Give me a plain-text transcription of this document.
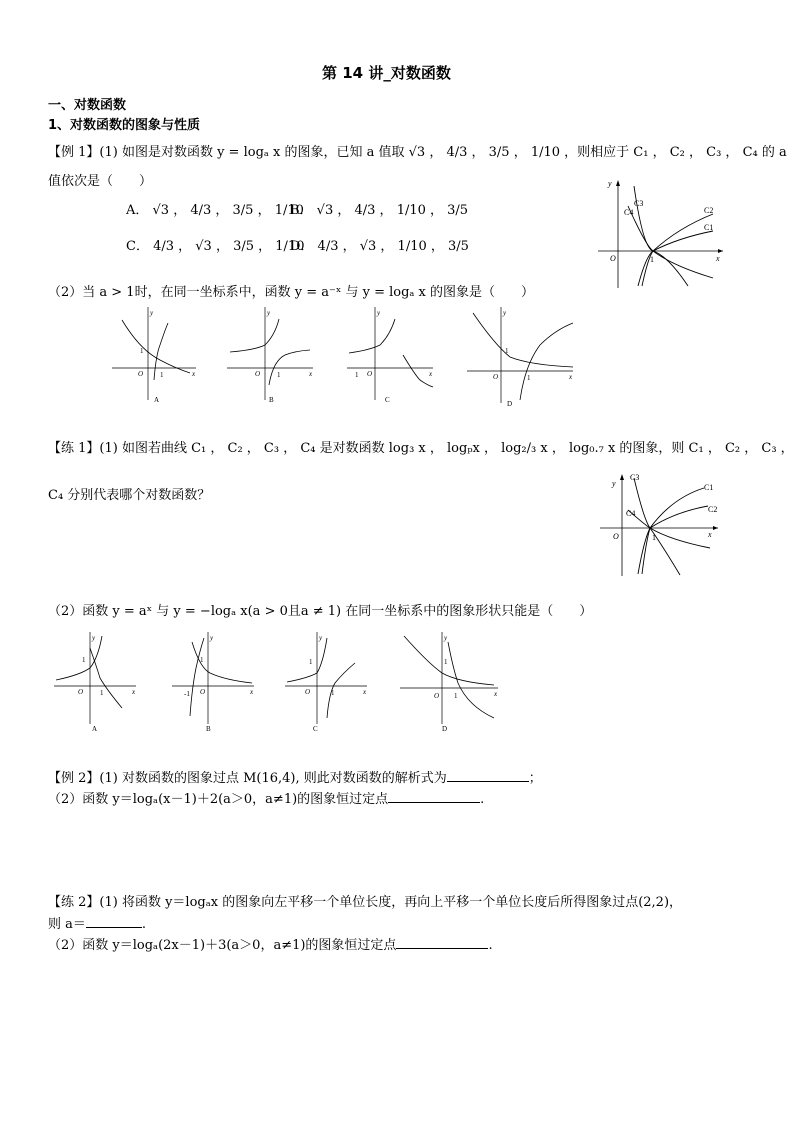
第 14 讲_对数函数
一、对数函数
1、对数函数的图象与性质
【例 1】(1) 如图是对数函数 y = logₐ x 的图象，已知 a 值取 √3 ， 4/3 ， 3/5 ， 1/10 ，则相应于 C₁ ， C₂ ， C₃ ， C₄ 的 a
值依次是（　　）
A． √3 ， 4/3 ， 3/5 ， 1/10
B． √3 ， 4/3 ， 1/10 ， 3/5
C． 4/3 ， √3 ， 3/5 ， 1/10
D． 4/3 ， √3 ， 1/10 ， 3/5
y
x
O	1
C3
C4	C2
C1
（2）当 a > 1时，在同一坐标系中，函数 y = a⁻ˣ 与 y = logₐ x 的图象是（　　）
y
x
O
1
1
A
y
x
O 1
B
y
x
O
1
C
y
x
O
1
1
D
【练 1】(1) 如图若曲线 C₁ ， C₂ ， C₃ ， C₄ 是对数函数 log₃ x ， logₚx ， log₂/₃ x ， log₀.₇ x 的图象，则 C₁ ， C₂ ， C₃ ，
C₄ 分别代表哪个对数函数？
y
x
O	1
C3
C1
C4	C2
（2）函数 y = aˣ 与 y = −logₐ x(a > 0且a ≠ 1) 在同一坐标系中的图象形状只能是（　　）
y
x
O
1
1
A
y
x
O
-1
1
B
y
x
O
1
1
C
y
x
O
1
1
D
【例 2】(1) 对数函数的图象过点 M(16,4), 则此对数函数的解析式为	；
（2）函数 y＝logₐ(x－1)＋2(a＞0，a≠1)的图象恒过定点	.
【练 2】(1) 将函数 y＝logₐx 的图象向左平移一个单位长度，再向上平移一个单位长度后所得图象过点(2,2)，
则 a＝	.
（2）函数 y＝logₐ(2x－1)＋3(a＞0，a≠1)的图象恒过定点	.
